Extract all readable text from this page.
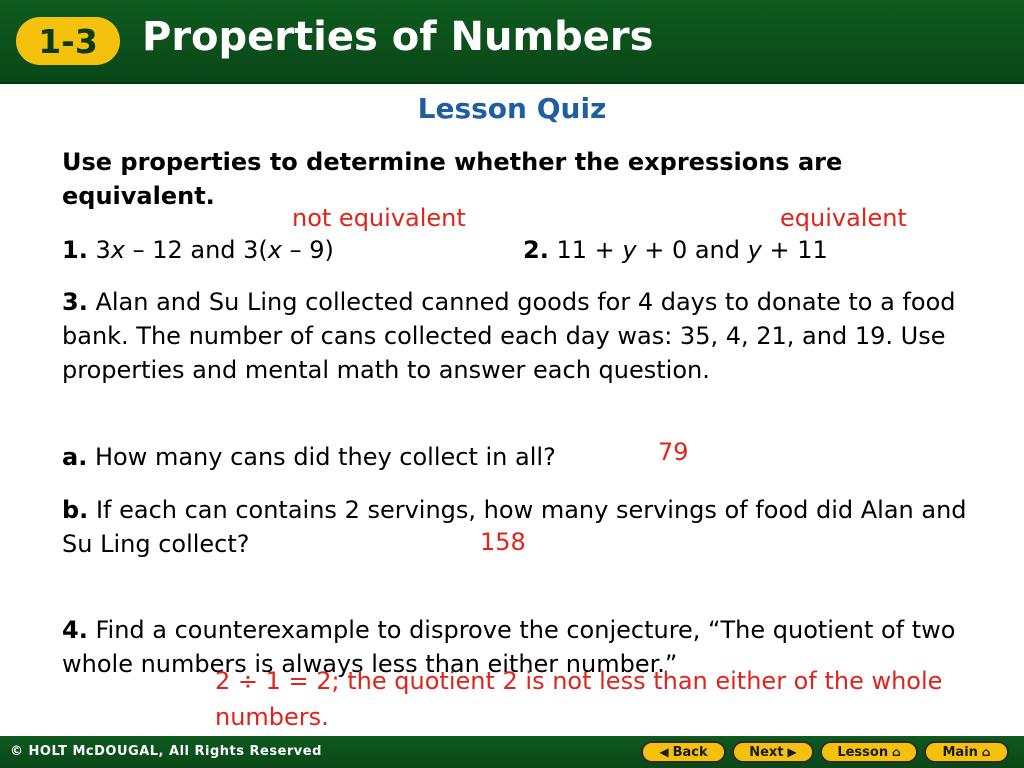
1-3	Properties of Numbers
Lesson Quiz
Use properties to determine whether the expressions are equivalent.
not equivalent	equivalent
1. 3x – 12 and 3(x – 9)	2. 11 + y + 0 and y + 11
3. Alan and Su Ling collected canned goods for 4 days to donate to a food bank. The number of cans collected each day was: 35, 4, 21, and 19. Use properties and mental math to answer each question.
a. How many cans did they collect in all?	79
b. If each can contains 2 servings, how many servings of food did Alan and Su Ling collect?	158
4. Find a counterexample to disprove the conjecture, “The quotient of two whole numbers is always less than either number.”
2 ÷ 1 = 2; the quotient 2 is not less than either of the whole numbers.
© HOLT McDOUGAL, All Rights Reserved	◀ Back	Next ▶	Lesson ⌂	Main ⌂
